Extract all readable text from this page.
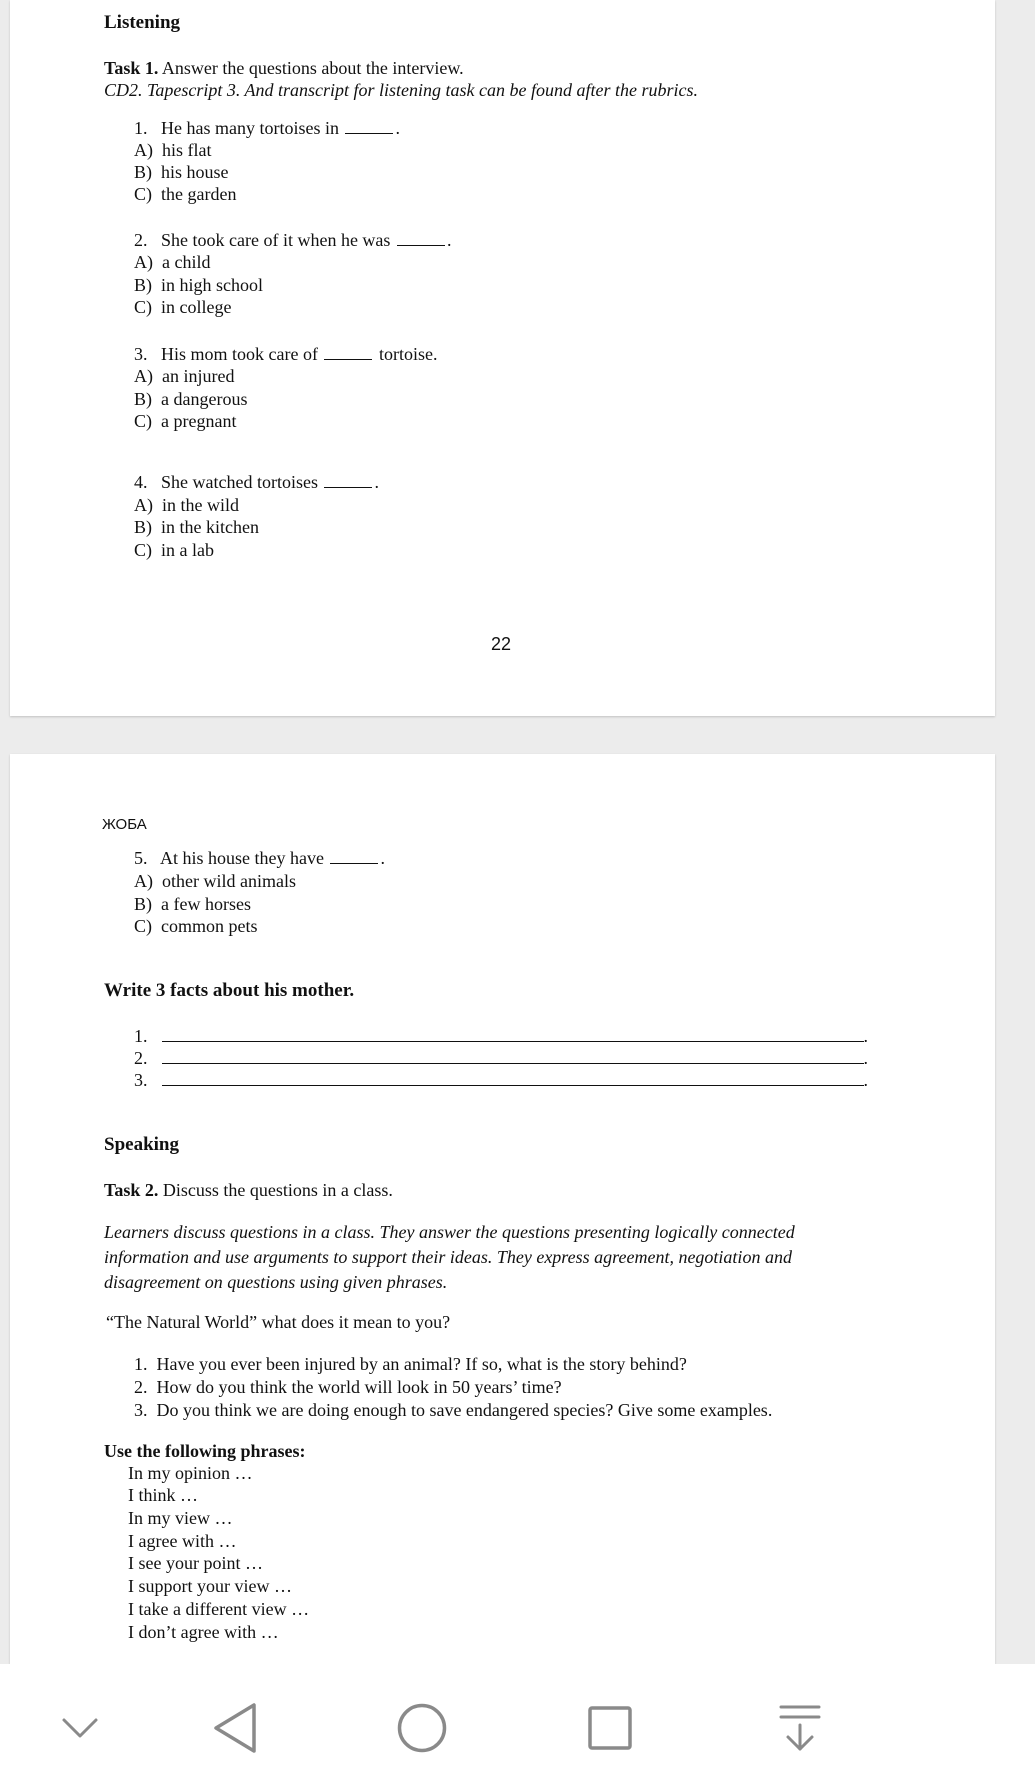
Listening
Task 1. Answer the questions about the interview.
CD2. Tapescript 3. And transcript for listening task can be found after the rubrics.
1. He has many tortoises in	.
A) his flat
B) his house
C) the garden
2. She took care of it when he was	.
A) a child
B) in high school
C) in college
3. His mom took care of	tortoise.
A) an injured
B) a dangerous
C) a pregnant
4. She watched tortoises	.
A) in the wild
B) in the kitchen
C) in a lab
22
ЖОБА
5. At his house they have	.
A) other wild animals
B) a few horses
C) common pets
Write 3 facts about his mother.
1.	.
2.	.
3.	.
Speaking
Task 2. Discuss the questions in a class.
Learners discuss questions in a class. They answer the questions presenting logically connected
information and use arguments to support their ideas. They express agreement, negotiation and
disagreement on questions using given phrases.
“The Natural World” what does it mean to you?
1. Have you ever been injured by an animal? If so, what is the story behind?
2. How do you think the world will look in 50 years’ time?
3. Do you think we are doing enough to save endangered species? Give some examples.
Use the following phrases:
In my opinion …
I think …
In my view …
I agree with …
I see your point …
I support your view …
I take a different view …
I don’t agree with …
